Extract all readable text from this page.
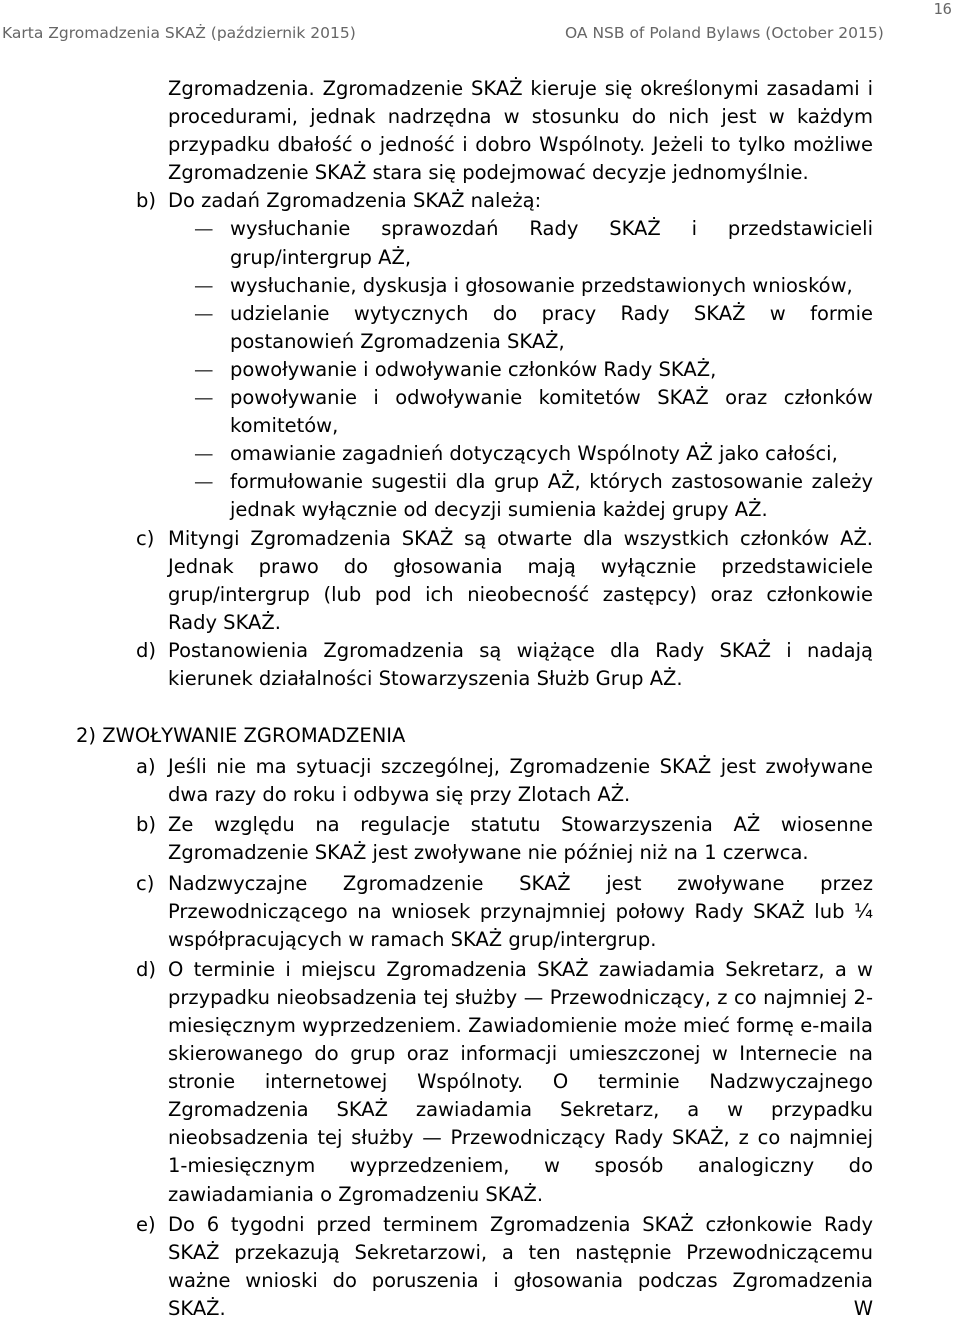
Karta Zgromadzenia SKAŻ (październik 2015)	OA NSB of Poland Bylaws (October 2015)
16

Zgromadzenia. Zgromadzenie SKAŻ kieruje się określonymi zasadami i procedurami, jednak nadrzędna w stosunku do nich jest w każdym przypadku dbałość o jedność i dobro Wspólnoty. Jeżeli to tylko możliwe Zgromadzenie SKAŻ stara się podejmować decyzje jednomyślnie.

b) Do zadań Zgromadzenia SKAŻ należą:
— wysłuchanie sprawozdań Rady SKAŻ i przedstawicieli grup/intergrup AŻ,
— wysłuchanie, dyskusja i głosowanie przedstawionych wniosków,
— udzielanie wytycznych do pracy Rady SKAŻ w formie postanowień Zgromadzenia SKAŻ,
— powoływanie i odwoływanie członków Rady SKAŻ,
— powoływanie i odwoływanie komitetów SKAŻ oraz członków komitetów,
— omawianie zagadnień dotyczących Wspólnoty AŻ jako całości,
— formułowanie sugestii dla grup AŻ, których zastosowanie zależy jednak wyłącznie od decyzji sumienia każdej grupy AŻ.
c) Mityngi Zgromadzenia SKAŻ są otwarte dla wszystkich członków AŻ. Jednak prawo do głosowania mają wyłącznie przedstawiciele grup/intergrup (lub pod ich nieobecność zastępcy) oraz członkowie Rady SKAŻ.
d) Postanowienia Zgromadzenia są wiążące dla Rady SKAŻ i nadają kierunek działalności Stowarzyszenia Służb Grup AŻ.

2) ZWOŁYWANIE ZGROMADZENIA

a) Jeśli nie ma sytuacji szczególnej, Zgromadzenie SKAŻ jest zwoływane dwa razy do roku i odbywa się przy Zlotach AŻ.
b) Ze względu na regulacje statutu Stowarzyszenia AŻ wiosenne Zgromadzenie SKAŻ jest zwoływane nie później niż na 1 czerwca.
c) Nadzwyczajne Zgromadzenie SKAŻ jest zwoływane przez Przewodniczącego na wniosek przynajmniej połowy Rady SKAŻ lub ¼ współpracujących w ramach SKAŻ grup/intergrup.
d) O terminie i miejscu Zgromadzenia SKAŻ zawiadamia Sekretarz, a w przypadku nieobsadzenia tej służby — Przewodniczący, z co najmniej 2-miesięcznym wyprzedzeniem. Zawiadomienie może mieć formę e-maila skierowanego do grup oraz informacji umieszczonej w Internecie na stronie internetowej Wspólnoty. O terminie Nadzwyczajnego Zgromadzenia SKAŻ zawiadamia Sekretarz, a w przypadku nieobsadzenia tej służby — Przewodniczący Rady SKAŻ, z co najmniej 1-miesięcznym wyprzedzeniem, w sposób analogiczny do zawiadamiania o Zgromadzeniu SKAŻ.
e) Do 6 tygodni przed terminem Zgromadzenia SKAŻ członkowie Rady SKAŻ przekazują Sekretarzowi, a ten następnie Przewodniczącemu ważne wnioski do poruszenia i głosowania podczas Zgromadzenia SKAŻ. W
